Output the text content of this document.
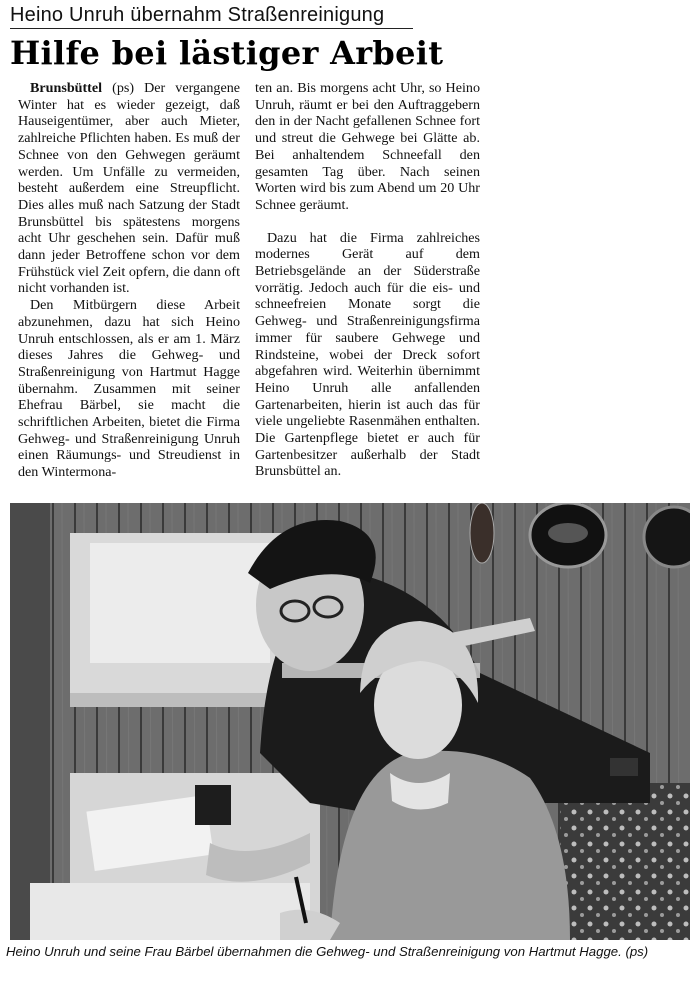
Heino Unruh übernahm Straßenreinigung
Hilfe bei lästiger Arbeit

Brunsbüttel (ps) Der vergangene Winter hat es wieder gezeigt, daß Hauseigentümer, aber auch Mieter, zahlreiche Pflichten haben. Es muß der Schnee von den Gehwegen geräumt werden. Um Unfälle zu vermeiden, besteht außerdem eine Streupflicht. Dies alles muß nach Satzung der Stadt Brunsbüttel bis spätestens morgens acht Uhr geschehen sein. Dafür muß dann jeder Betroffene schon vor dem Frühstück viel Zeit opfern, die dann oft nicht vorhanden ist.

Den Mitbürgern diese Arbeit abzunehmen, dazu hat sich Heino Unruh entschlossen, als er am 1. März dieses Jahres die Gehweg- und Straßenreinigung von Hartmut Hagge übernahm. Zusammen mit seiner Ehefrau Bärbel, sie macht die schriftlichen Arbeiten, bietet die Firma Gehweg- und Straßenreinigung Unruh einen Räumungs- und Streudienst in den Wintermona-

ten an. Bis morgens acht Uhr, so Heino Unruh, räumt er bei den Auftraggebern den in der Nacht gefallenen Schnee fort und streut die Gehwege bei Glätte ab. Bei anhaltendem Schneefall den gesamten Tag über. Nach seinen Worten wird bis zum Abend um 20 Uhr Schnee geräumt.

Dazu hat die Firma zahlreiches modernes Gerät auf dem Betriebsgelände an der Süderstraße vorrätig. Jedoch auch für die eis- und schneefreien Monate sorgt die Gehweg- und Straßenreinigungsfirma immer für saubere Gehwege und Rindsteine, wobei der Dreck sofort abgefahren wird. Weiterhin übernimmt Heino Unruh alle anfallenden Gartenarbeiten, hierin ist auch das für viele ungeliebte Rasenmähen enthalten. Die Gartenpflege bietet er auch für Gartenbesitzer außerhalb der Stadt Brunsbüttel an.

Heino Unruh und seine Frau Bärbel übernahmen die Gehweg- und Straßenreinigung von Hartmut Hagge. (ps)
